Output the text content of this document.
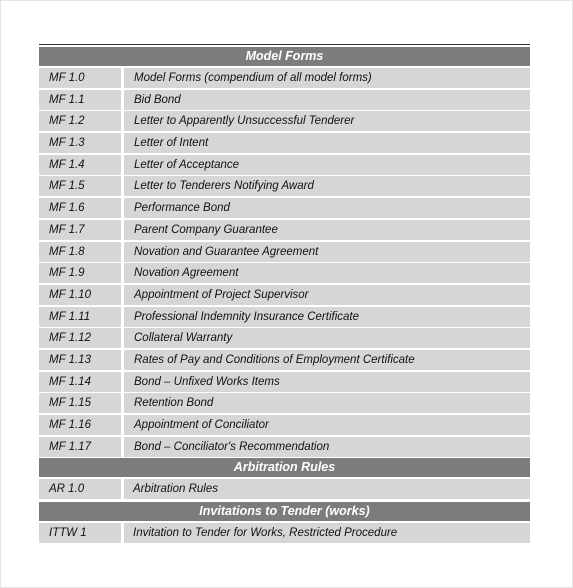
Model Forms
MF 1.0	Model Forms (compendium of all model forms)
MF 1.1	Bid Bond
MF 1.2	Letter to Apparently Unsuccessful Tenderer
MF 1.3	Letter of Intent
MF 1.4	Letter of Acceptance
MF 1.5	Letter to Tenderers Notifying Award
MF 1.6	Performance Bond
MF 1.7	Parent Company Guarantee
MF 1.8	Novation and Guarantee Agreement
MF 1.9	Novation Agreement
MF 1.10	Appointment of Project Supervisor
MF 1.11	Professional Indemnity Insurance Certificate
MF 1.12	Collateral Warranty
MF 1.13	Rates of Pay and Conditions of Employment Certificate
MF 1.14	Bond – Unfixed Works Items
MF 1.15	Retention Bond
MF 1.16	Appointment of Conciliator
MF 1.17	Bond – Conciliator's Recommendation
Arbitration Rules
AR 1.0	Arbitration Rules
Invitations to Tender (works)
ITTW 1	Invitation to Tender for Works, Restricted Procedure
